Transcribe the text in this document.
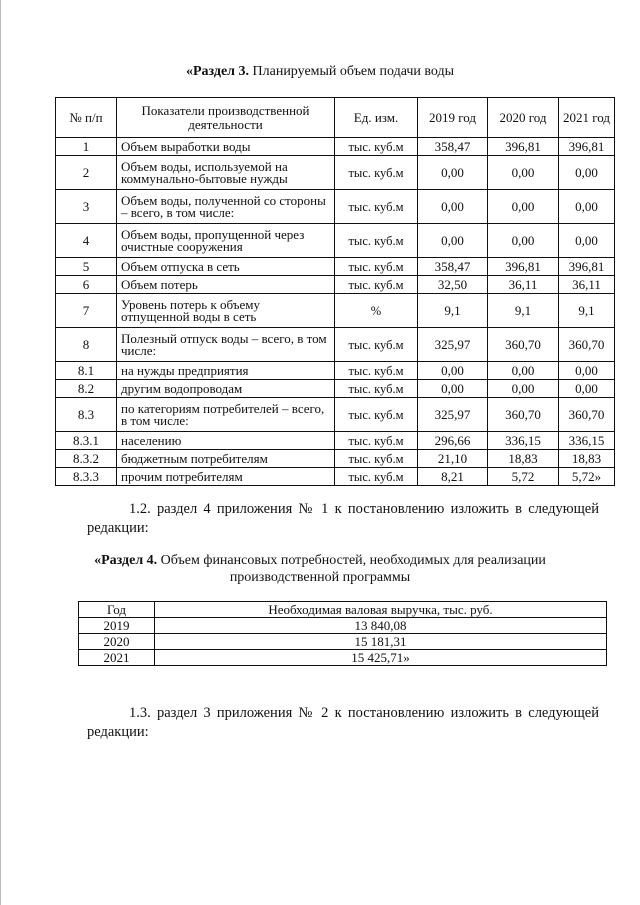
«Раздел 3. Планируемый объем подачи воды
№ п/п	Показатели производственной деятельности	Ед. изм.	2019 год	2020 год	2021 год
1	Объем выработки воды	тыс. куб.м	358,47	396,81	396,81
2	Объем воды, используемой на коммунально-бытовые нужды	тыс. куб.м	0,00	0,00	0,00
3	Объем воды, полученной со стороны – всего, в том числе:	тыс. куб.м	0,00	0,00	0,00
4	Объем воды, пропущенной через очистные сооружения	тыс. куб.м	0,00	0,00	0,00
5	Объем отпуска в сеть	тыс. куб.м	358,47	396,81	396,81
6	Объем потерь	тыс. куб.м	32,50	36,11	36,11
7	Уровень потерь к объему отпущенной воды в сеть	%	9,1	9,1	9,1
8	Полезный отпуск воды – всего, в том числе:	тыс. куб.м	325,97	360,70	360,70
8.1	на нужды предприятия	тыс. куб.м	0,00	0,00	0,00
8.2	другим водопроводам	тыс. куб.м	0,00	0,00	0,00
8.3	по категориям потребителей – всего, в том числе:	тыс. куб.м	325,97	360,70	360,70
8.3.1	населению	тыс. куб.м	296,66	336,15	336,15
8.3.2	бюджетным потребителям	тыс. куб.м	21,10	18,83	18,83
8.3.3	прочим потребителям	тыс. куб.м	8,21	5,72	5,72»
1.2. раздел 4 приложения № 1 к постановлению изложить в следующей редакции:
«Раздел 4. Объем финансовых потребностей, необходимых для реализации
производственной программы
Год	Необходимая валовая выручка, тыс. руб.
2019	13 840,08
2020	15 181,31
2021	15 425,71»
1.3. раздел 3 приложения № 2 к постановлению изложить в следующей редакции:
